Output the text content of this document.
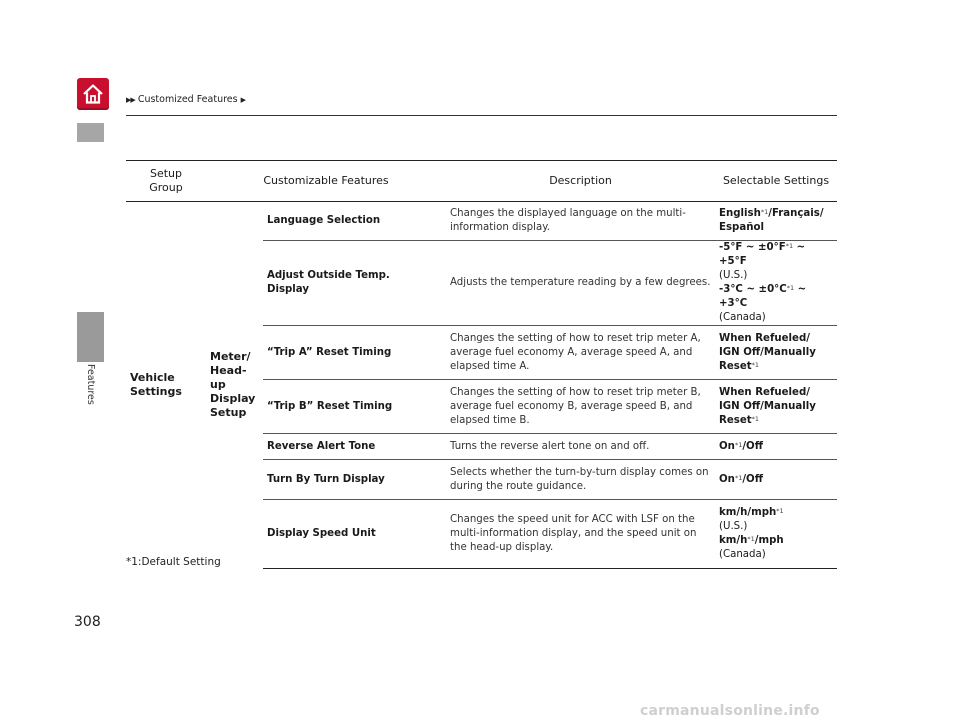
▶▶ Customized Features ▶
Features
Setup Group	Customizable Features		Description	Selectable Settings
Vehicle Settings	Meter/ Head- up Display Setup	Language Selection	Changes the displayed language on the multi-information display.	English$^{*1}$/Français/
Español
		Adjust Outside Temp. Display	Adjusts the temperature reading by a few degrees.	-5°F ~ $\pm 0^\circ F^{*1}$ ~ +5°F
(U.S.)
-3°C ~ $\pm 0^\circ C^{*1}$ ~ +3°C
(Canada)
		“Trip A” Reset Timing	Changes the setting of how to reset trip meter A, average fuel economy A, average speed A, and elapsed time A.	When Refueled/
IGN Off/Manually
Reset$^{*1}$
		“Trip B” Reset Timing	Changes the setting of how to reset trip meter B, average fuel economy B, average speed B, and elapsed time B.	When Refueled/
IGN Off/Manually
Reset$^{*1}$
		Reverse Alert Tone	Turns the reverse alert tone on and off.	On$^{*1}$/Off
		Turn By Turn Display	Selects whether the turn-by-turn display comes on during the route guidance.	On$^{*1}$/Off
		Display Speed Unit	Changes the speed unit for ACC with LSF on the multi-information display, and the speed unit on the head-up display.	km/h/mph$^{*1}$
(U.S.)
$km/h^{*1}$/mph
(Canada)
*1:Default Setting
308
carmanualsonline.info
